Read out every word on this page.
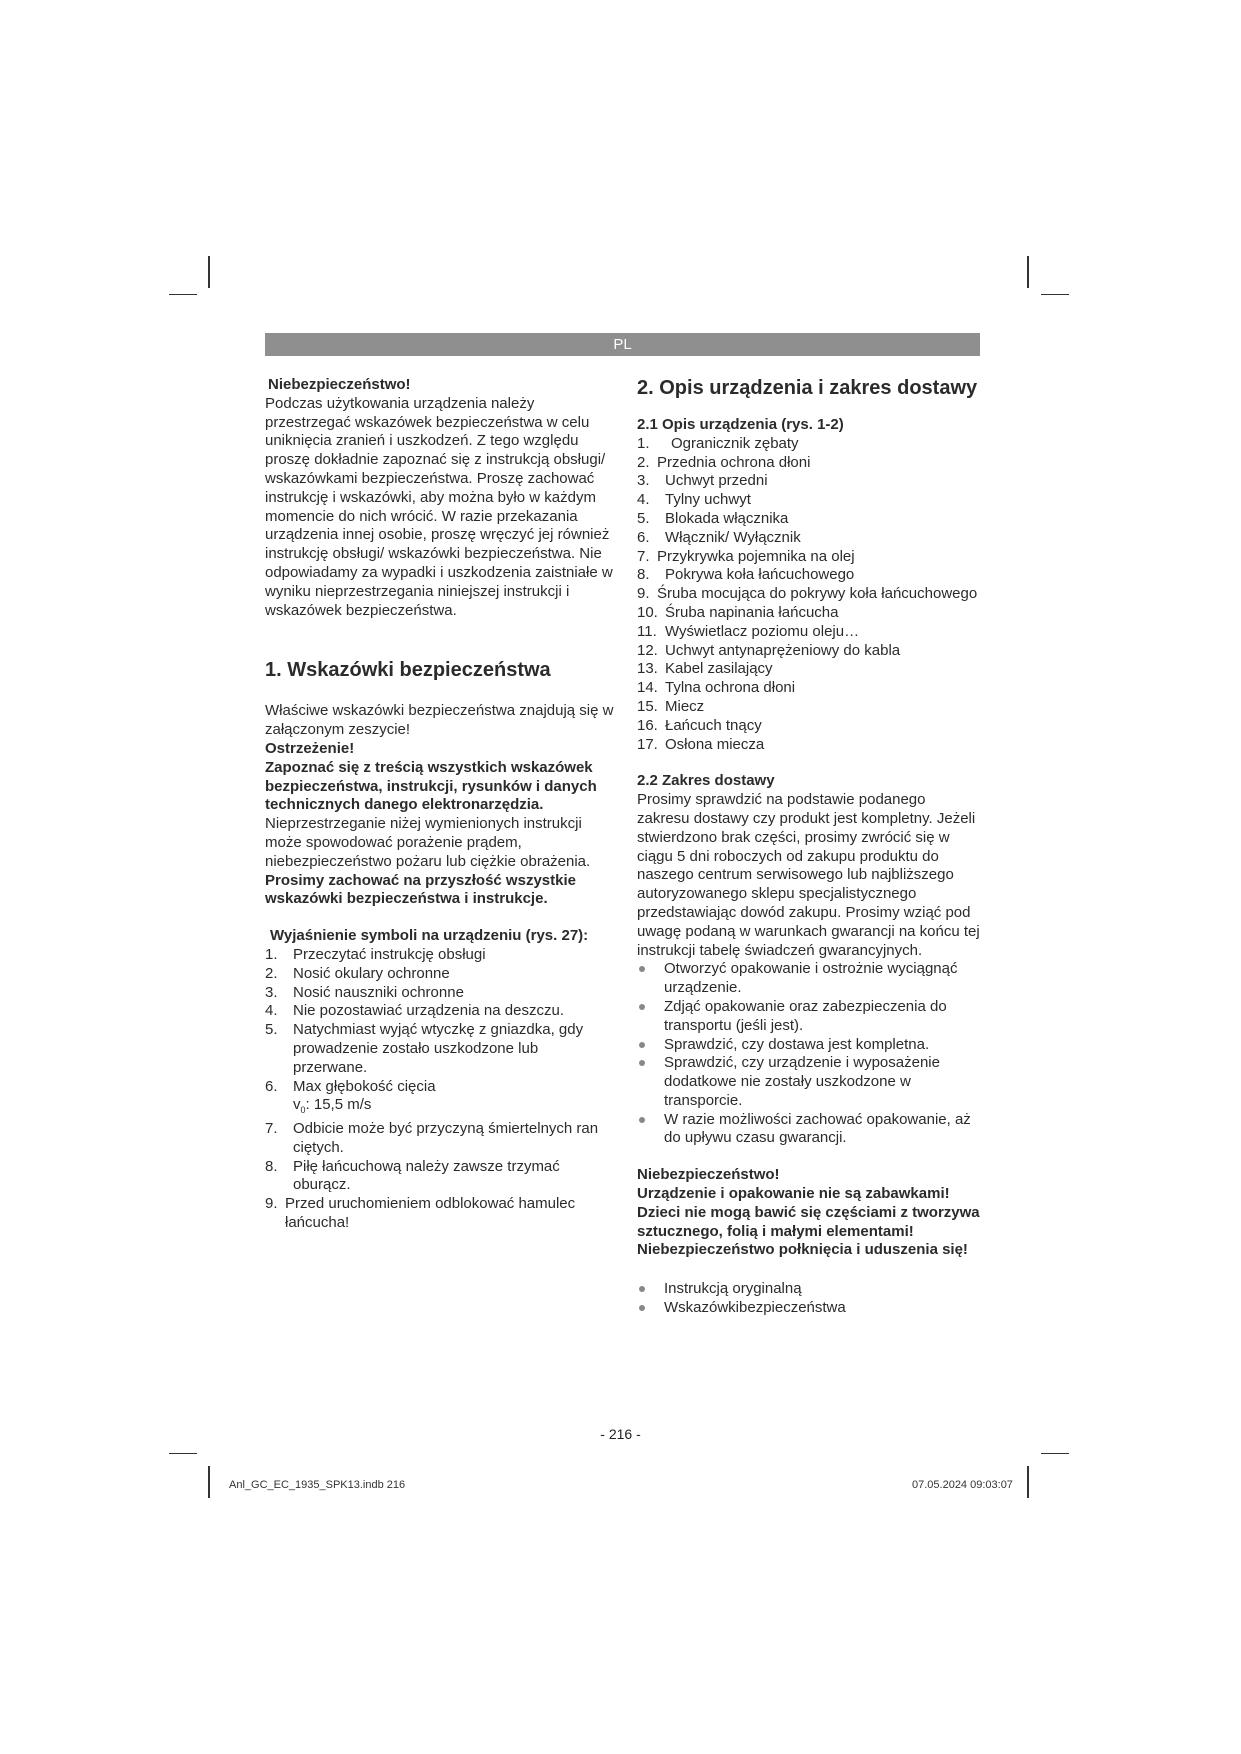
PL

Niebezpieczeństwo!

Podczas użytkowania urządzenia należy przestrzegać wskazówek bezpieczeństwa w celu uniknięcia zranień i uszkodzeń. Z tego względu proszę dokładnie zapoznać się z instrukcją obsługi/ wskazówkami bezpieczeństwa. Proszę zachować instrukcję i wskazówki, aby można było w każdym momencie do nich wrócić. W razie przekazania urządzenia innej osobie, proszę wręczyć jej również instrukcję obsługi/ wskazówki bezpieczeństwa. Nie odpowiadamy za wypadki i uszkodzenia zaistniałe w wyniku nieprzestrzegania niniejszej instrukcji i wskazówek bezpieczeństwa.

1. Wskazówki bezpieczeństwa

Właściwe wskazówki bezpieczeństwa znajdują się w załączonym zeszycie!

Ostrzeżenie!

Zapoznać się z treścią wszystkich wskazówek bezpieczeństwa, instrukcji, rysunków i danych technicznych danego elektronarzędzia. Nieprzestrzeganie niżej wymienionych instrukcji może spowodować porażenie prądem, niebezpieczeństwo pożaru lub ciężkie obrażenia.

Prosimy zachować na przyszłość wszystkie wskazówki bezpieczeństwa i instrukcje.

Wyjaśnienie symboli na urządzeniu (rys. 27):

1. Przeczytać instrukcję obsługi
2. Nosić okulary ochronne
3. Nosić nauszniki ochronne
4. Nie pozostawiać urządzenia na deszczu.
5. Natychmiast wyjąć wtyczkę z gniazdka, gdy prowadzenie zostało uszkodzone lub przerwane.
6. Max głębokość cięcia
$v_0$: 15,5 m/s
7. Odbicie może być przyczyną śmiertelnych ran ciętych.
8. Piłę łańcuchową należy zawsze trzymać oburącz.
9. Przed uruchomieniem odblokować hamulec łańcucha!

2. Opis urządzenia i zakres dostawy

2.1 Opis urządzenia (rys. 1-2)

1. Ogranicznik zębaty
2. Przednia ochrona dłoni
3. Uchwyt przedni
4. Tylny uchwyt
5. Blokada włącznika
6. Włącznik/ Wyłącznik
7. Przykrywka pojemnika na olej
8. Pokrywa koła łańcuchowego
9. Śruba mocująca do pokrywy koła łańcuchowego
10. Śruba napinania łańcucha
11. Wyświetlacz poziomu oleju…
12. Uchwyt antynaprężeniowy do kabla
13. Kabel zasilający
14. Tylna ochrona dłoni
15. Miecz
16. Łańcuch tnący
17. Osłona miecza

2.2 Zakres dostawy

Prosimy sprawdzić na podstawie podanego zakresu dostawy czy produkt jest kompletny. Jeżeli stwierdzono brak części, prosimy zwrócić się w ciągu 5 dni roboczych od zakupu produktu do naszego centrum serwisowego lub najbliższego autoryzowanego sklepu specjalistycznego przedstawiając dowód zakupu. Prosimy wziąć pod uwagę podaną w warunkach gwarancji na końcu tej instrukcji tabelę świadczeń gwarancyjnych.

Otworzyć opakowanie i ostrożnie wyciągnąć urządzenie.
Zdjąć opakowanie oraz zabezpieczenia do transportu (jeśli jest).
Sprawdzić, czy dostawa jest kompletna.
Sprawdzić, czy urządzenie i wyposażenie dodatkowe nie zostały uszkodzone w transporcie.
W razie możliwości zachować opakowanie, aż do upływu czasu gwarancji.

Niebezpieczeństwo!

Urządzenie i opakowanie nie są zabawkami! Dzieci nie mogą bawić się częściami z tworzywa sztucznego, folią i małymi elementami! Niebezpieczeństwo połknięcia i uduszenia się!

Instrukcją oryginalną
Wskazówkibezpieczeństwa
- 216 -
Anl_GC_EC_1935_SPK13.indb 216	07.05.2024 09:03:07
